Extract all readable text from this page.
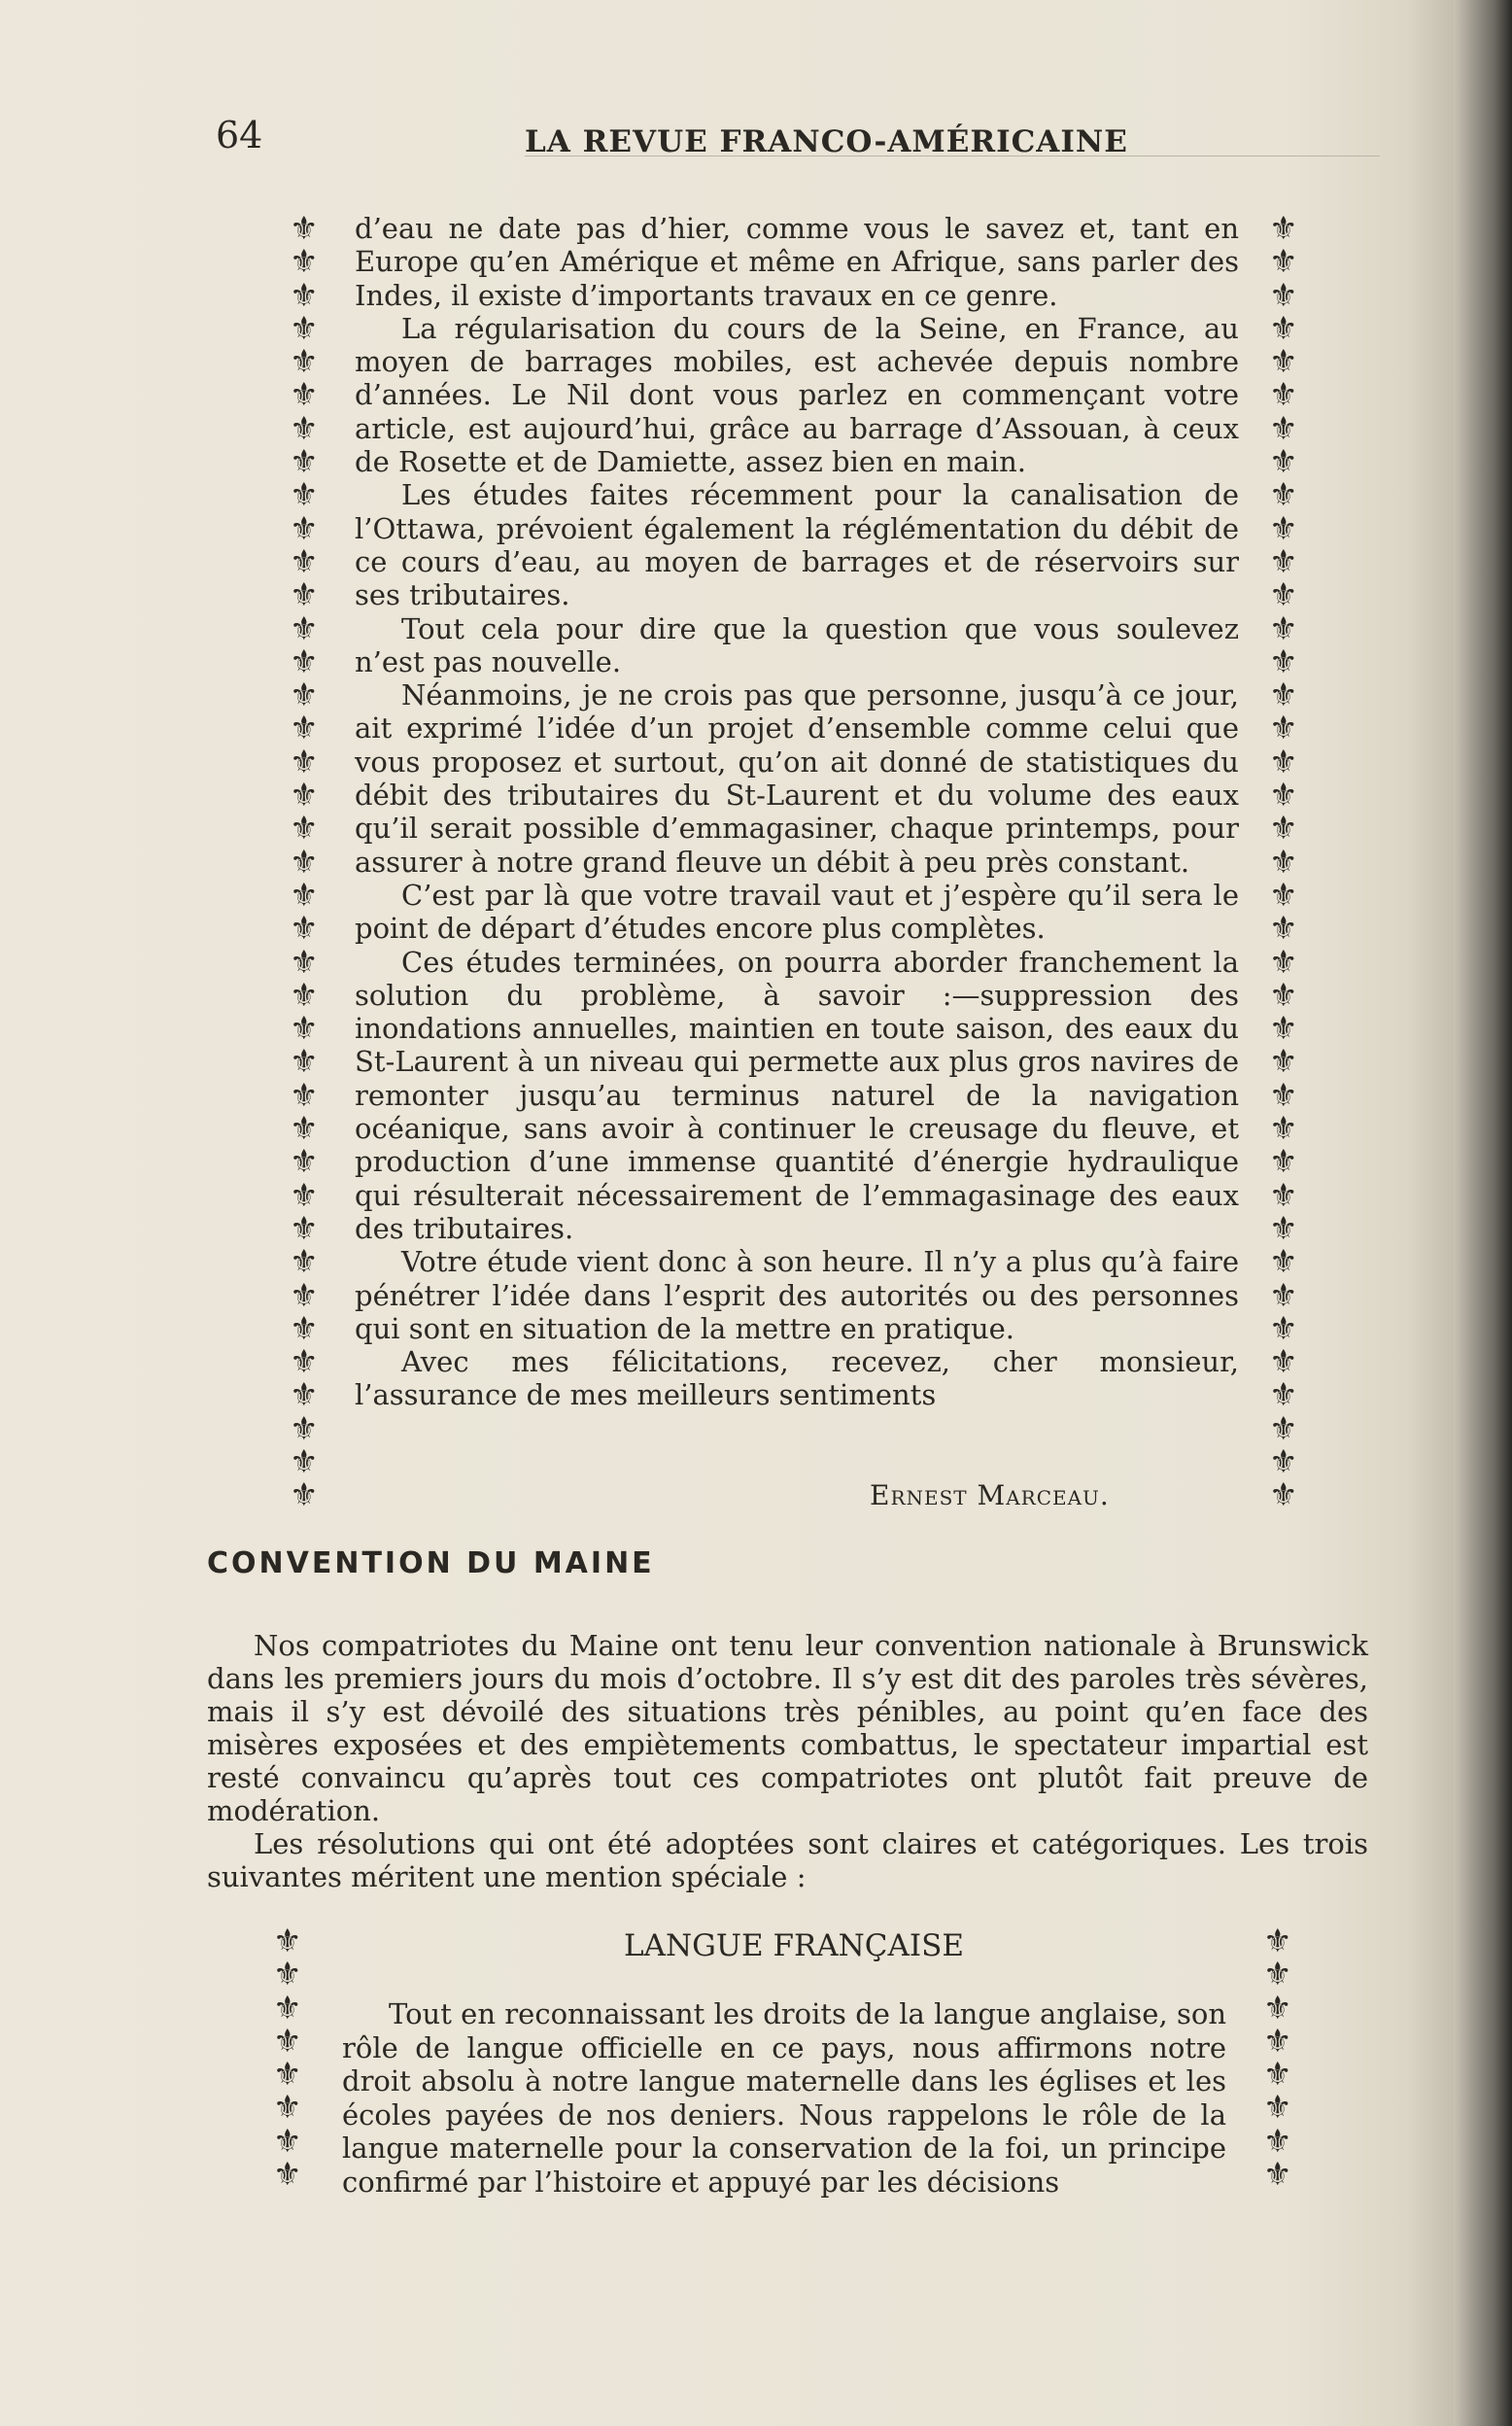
64	LA REVUE FRANCO-AMÉRICAINE
⚜
⚜
⚜
⚜
⚜
⚜
⚜
⚜
⚜
⚜
⚜
⚜
⚜
⚜
⚜
⚜
⚜
⚜
⚜
⚜
⚜
⚜
⚜
⚜
⚜
⚜
⚜
⚜
⚜
⚜
⚜
⚜
⚜
⚜
⚜
⚜
⚜
⚜
⚜
⚜
⚜
⚜
⚜
⚜
⚜
⚜
⚜
⚜
⚜
⚜
⚜
⚜
⚜
⚜
⚜
⚜
⚜
⚜
⚜
⚜
⚜
⚜
⚜
⚜
⚜
⚜
⚜
⚜
⚜
⚜
⚜
⚜
⚜
⚜
⚜
⚜
⚜
⚜

d’eau ne date pas d’hier, comme vous le savez et, tant en Europe qu’en Amérique et même en Afrique, sans parler des Indes, il existe d’importants travaux en ce genre.

La régularisation du cours de la Seine, en France, au moyen de barrages mobiles, est achevée depuis nombre d’années. Le Nil dont vous parlez en commençant votre article, est aujourd’hui, grâce au barrage d’Assouan, à ceux de Rosette et de Damiette, assez bien en main.

Les études faites récemment pour la canalisation de l’Ottawa, prévoient également la réglémentation du débit de ce cours d’eau, au moyen de barrages et de réservoirs sur ses tributaires.

Tout cela pour dire que la question que vous soulevez n’est pas nouvelle.

Néanmoins, je ne crois pas que personne, jusqu’à ce jour, ait exprimé l’idée d’un projet d’ensemble comme celui que vous proposez et surtout, qu’on ait donné de statistiques du débit des tributaires du St-Laurent et du volume des eaux qu’il serait possible d’emmagasiner, chaque printemps, pour assurer à notre grand fleuve un débit à peu près constant.

C’est par là que votre travail vaut et j’espère qu’il sera le point de départ d’études encore plus complètes.

Ces études terminées, on pourra aborder franchement la solution du problème, à savoir :—suppression des inondations annuelles, maintien en toute saison, des eaux du St-Laurent à un niveau qui permette aux plus gros navires de remonter jusqu’au terminus naturel de la navigation océanique, sans avoir à continuer le creusage du fleuve, et production d’une immense quantité d’énergie hydraulique qui résulterait nécessairement de l’emmagasinage des eaux des tributaires.

Votre étude vient donc à son heure. Il n’y a plus qu’à faire pénétrer l’idée dans l’esprit des autorités ou des personnes qui sont en situation de la mettre en pratique.

Avec mes félicitations, recevez, cher monsieur, l’assurance de mes meilleurs sentiments

Ernest Marceau.
CONVENTION DU MAINE

Nos compatriotes du Maine ont tenu leur convention nationale à Brunswick dans les premiers jours du mois d’octobre. Il s’y est dit des paroles très sévères, mais il s’y est dévoilé des situations très pénibles, au point qu’en face des misères exposées et des empiètements combattus, le spectateur impartial est resté convaincu qu’après tout ces compatriotes ont plutôt fait preuve de modération.

Les résolutions qui ont été adoptées sont claires et catégoriques. Les trois suivantes méritent une mention spéciale :

⚜
⚜
⚜
⚜
⚜
⚜
⚜
⚜
⚜
⚜
⚜
⚜
⚜
⚜
⚜
⚜
LANGUE FRANÇAISE

Tout en reconnaissant les droits de la langue anglaise, son rôle de langue officielle en ce pays, nous affirmons notre droit absolu à notre langue maternelle dans les églises et les écoles payées de nos deniers. Nous rappelons le rôle de la langue maternelle pour la conservation de la foi, un principe confirmé par l’histoire et appuyé par les décisions
